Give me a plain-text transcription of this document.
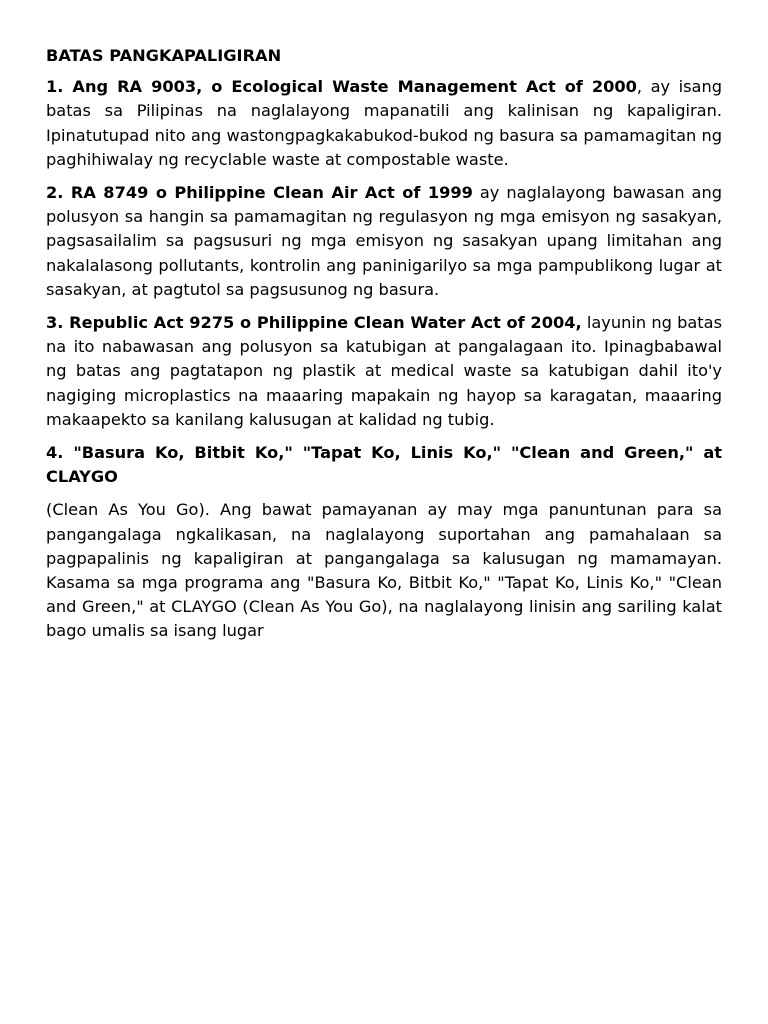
BATAS PANGKAPALIGIRAN

1. Ang RA 9003, o Ecological Waste Management Act of 2000, ay isang batas sa Pilipinas na naglalayong mapanatili ang kalinisan ng kapaligiran. Ipinatutupad nito ang wastongpagkakabukod-bukod ng basura sa pamamagitan ng paghihiwalay ng recyclable waste at compostable waste.

2. RA 8749 o Philippine Clean Air Act of 1999 ay naglalayong bawasan ang polusyon sa hangin sa pamamagitan ng regulasyon ng mga emisyon ng sasakyan, pagsasailalim sa pagsusuri ng mga emisyon ng sasakyan upang limitahan ang nakalalasong pollutants, kontrolin ang paninigarilyo sa mga pampublikong lugar at sasakyan, at pagtutol sa pagsusunog ng basura.

3. Republic Act 9275 o Philippine Clean Water Act of 2004, layunin ng batas na ito nabawasan ang polusyon sa katubigan at pangalagaan ito. Ipinagbabawal ng batas ang pagtatapon ng plastik at medical waste sa katubigan dahil ito'y nagiging microplastics na maaaring mapakain ng hayop sa karagatan, maaaring makaapekto sa kanilang kalusugan at kalidad ng tubig.

4. "Basura Ko, Bitbit Ko," "Tapat Ko, Linis Ko," "Clean and Green," at CLAYGO

(Clean As You Go). Ang bawat pamayanan ay may mga panuntunan para sa pangangalaga ngkalikasan, na naglalayong suportahan ang pamahalaan sa pagpapalinis ng kapaligiran at pangangalaga sa kalusugan ng mamamayan. Kasama sa mga programa ang "Basura Ko, Bitbit Ko," "Tapat Ko, Linis Ko," "Clean and Green," at CLAYGO (Clean As You Go), na naglalayong linisin ang sariling kalat bago umalis sa isang lugar
